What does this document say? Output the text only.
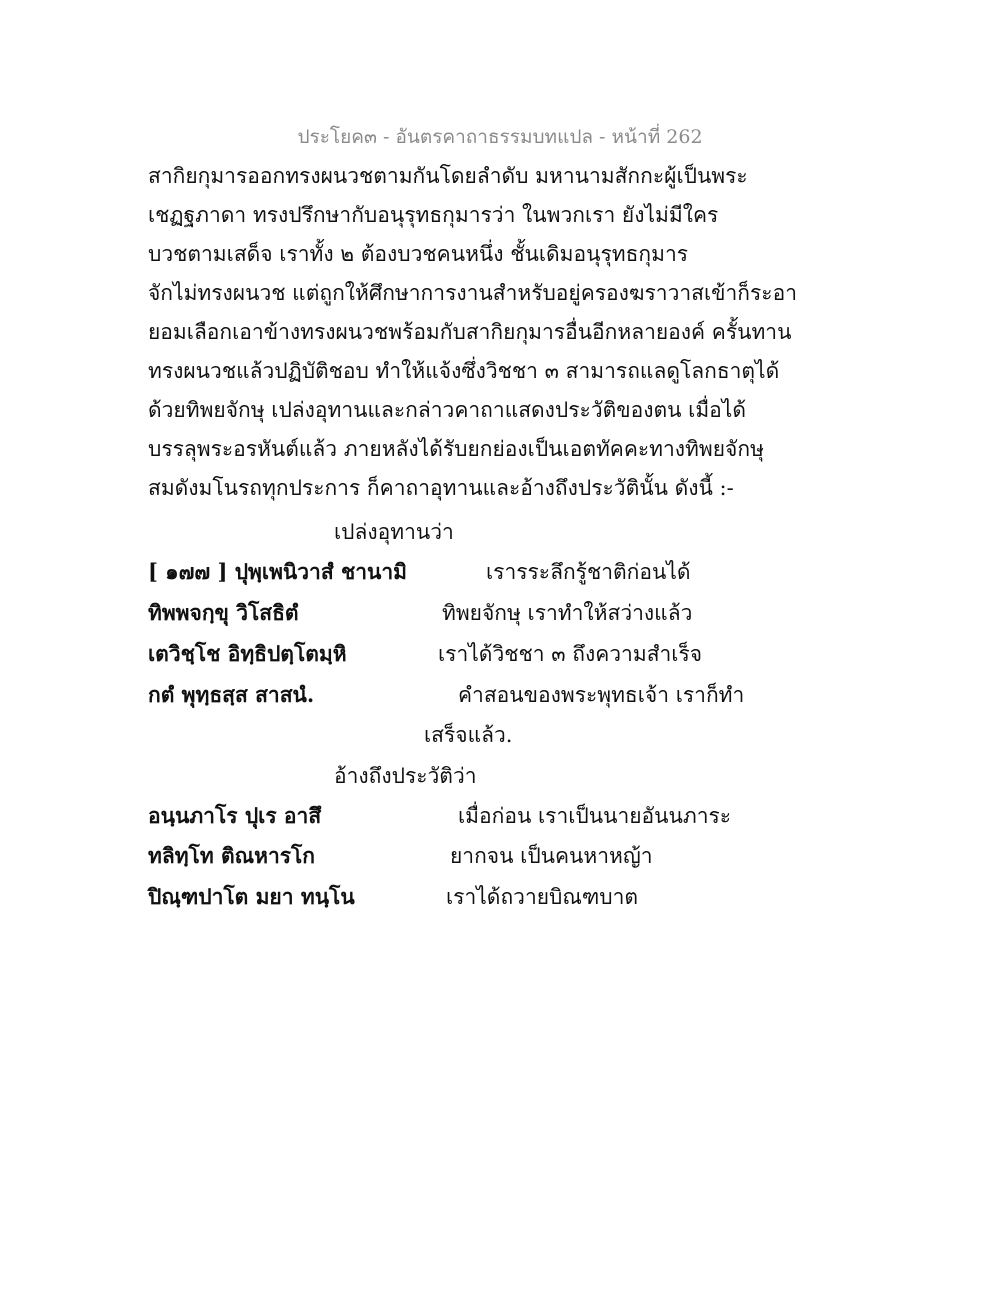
ประโยค๓ - อันตรคาถาธรรมบทแปล - หน้าที่ 262
สากิยกุมารออกทรงผนวชตามกันโดยลำดับ มหานามสักกะผู้เป็นพระ
เชฏฐภาดา ทรงปรึกษากับอนุรุทธกุมารว่า ในพวกเรา ยังไม่มีใคร
บวชตามเสด็จ เราทั้ง ๒ ต้องบวชคนหนึ่ง ชั้นเดิมอนุรุทธกุมาร
จักไม่ทรงผนวช แต่ถูกให้ศึกษาการงานสำหรับอยู่ครองฆราวาสเข้าก็ระอา
ยอมเลือกเอาข้างทรงผนวชพร้อมกับสากิยกุมารอื่นอีกหลายองค์ ครั้นทาน
ทรงผนวชแล้วปฏิบัติชอบ ทำให้แจ้งซึ่งวิชชา ๓ สามารถแลดูโลกธาตุได้
ด้วยทิพยจักษุ เปล่งอุทานและกล่าวคาถาแสดงประวัติของตน เมื่อได้
บรรลุพระอรหันต์แล้ว ภายหลังได้รับยกย่องเป็นเอตทัคคะทางทิพยจักษุ
สมดังมโนรถทุกประการ ก็คาถาอุทานและอ้างถึงประวัตินั้น ดังนี้ :-
เปล่งอุทานว่า
[ ๑๗๗ ] ปุพฺเพนิวาสํ ชานามิ	เรารระลึกรู้ชาติก่อนได้
ทิพพจกฺขุ วิโสธิตํ	ทิพยจักษุ เราทำให้สว่างแล้ว
เตวิชฺโช อิทฺธิปตฺโตมฺหิ	เราได้วิชชา ๓ ถึงความสำเร็จ
กตํ พุทฺธสฺส สาสนํ.	คำสอนของพระพุทธเจ้า เราก็ทำ
เสร็จแล้ว.
อ้างถึงประวัติว่า
อนฺนภาโร ปุเร อาสึ	เมื่อก่อน เราเป็นนายอันนภาระ
ทลิทฺโท ติณหารโก	ยากจน เป็นคนหาหญ้า
ปิณฺฑปาโต มยา ทนฺโน	เราได้ถวายบิณฑบาต
